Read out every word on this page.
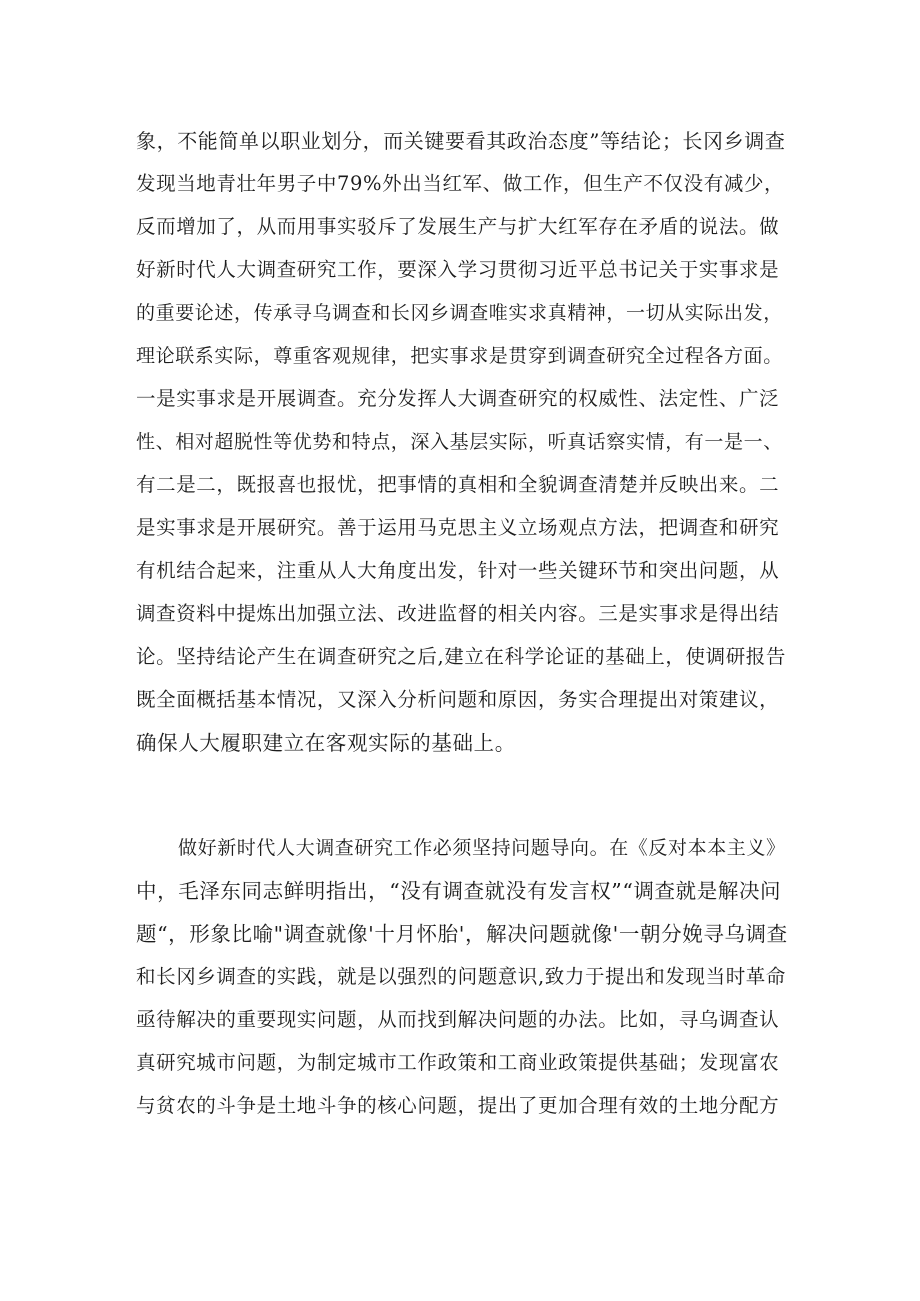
象，不能简单以职业划分，而关键要看其政治态度”等结论；长冈乡调查
发现当地青壮年男子中79%外出当红军、做工作，但生产不仅没有减少，
反而增加了，从而用事实驳斥了发展生产与扩大红军存在矛盾的说法。做
好新时代人大调查研究工作，要深入学习贯彻习近平总书记关于实事求是
的重要论述，传承寻乌调查和长冈乡调查唯实求真精神，一切从实际出发，
理论联系实际，尊重客观规律，把实事求是贯穿到调查研究全过程各方面。
一是实事求是开展调查。充分发挥人大调查研究的权威性、法定性、广泛
性、相对超脱性等优势和特点，深入基层实际，听真话察实情，有一是一、
有二是二，既报喜也报忧，把事情的真相和全貌调查清楚并反映出来。二
是实事求是开展研究。善于运用马克思主义立场观点方法，把调查和研究
有机结合起来，注重从人大角度出发，针对一些关键环节和突出问题，从
调查资料中提炼出加强立法、改进监督的相关内容。三是实事求是得出结
论。坚持结论产生在调查研究之后,建立在科学论证的基础上，使调研报告
既全面概括基本情况，又深入分析问题和原因，务实合理提出对策建议，
确保人大履职建立在客观实际的基础上。
做好新时代人大调查研究工作必须坚持问题导向。在《反对本本主义》
中，毛泽东同志鲜明指出，“没有调查就没有发言权”“调查就是解决问
题“，形象比喻"调查就像'十月怀胎'，解决问题就像'一朝分娩寻乌调查
和长冈乡调查的实践，就是以强烈的问题意识,致力于提出和发现当时革命
亟待解决的重要现实问题，从而找到解决问题的办法。比如，寻乌调查认
真研究城市问题，为制定城市工作政策和工商业政策提供基础；发现富农
与贫农的斗争是土地斗争的核心问题，提出了更加合理有效的土地分配方
